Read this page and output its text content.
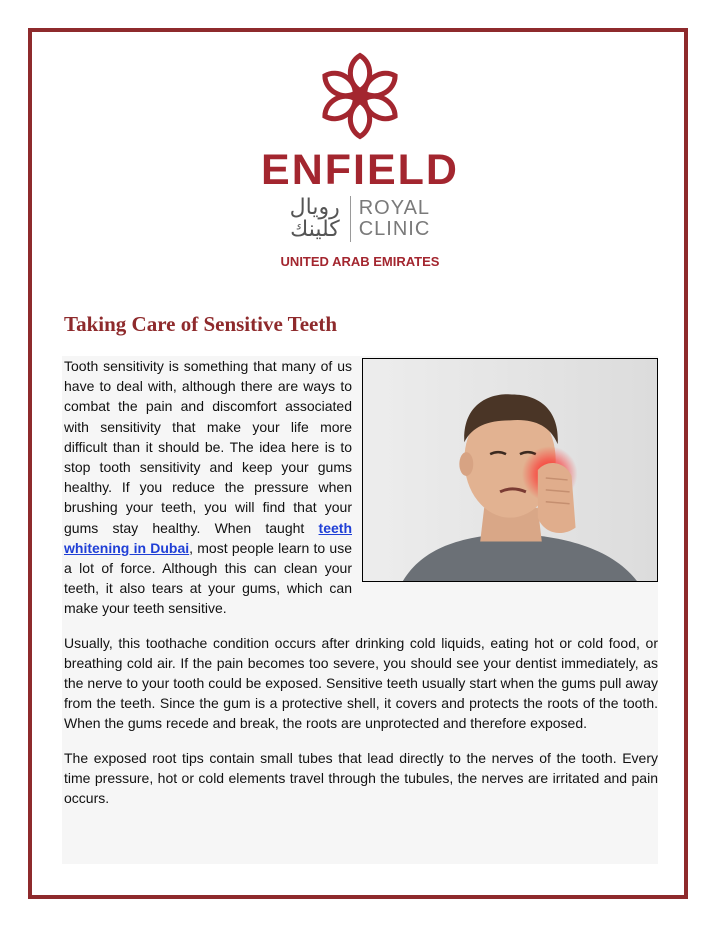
ENFIELD
رويال
كلينك
ROYAL
CLINIC
UNITED ARAB EMIRATES
Taking Care of Sensitive Teeth

Tooth sensitivity is something that many of us have to deal with, although there are ways to combat the pain and discomfort associated with sensitivity that make your life more difficult than it should be. The idea here is to stop tooth sensitivity and keep your gums healthy. If you reduce the pressure when brushing your teeth, you will find that your gums stay healthy. When taught teeth whitening in Dubai, most people learn to use a lot of force. Although this can clean your teeth, it also tears at your gums, which can make your teeth sensitive.

Usually, this toothache condition occurs after drinking cold liquids, eating hot or cold food, or breathing cold air. If the pain becomes too severe, you should see your dentist immediately, as the nerve to your tooth could be exposed. Sensitive teeth usually start when the gums pull away from the teeth. Since the gum is a protective shell, it covers and protects the roots of the tooth. When the gums recede and break, the roots are unprotected and therefore exposed.

The exposed root tips contain small tubes that lead directly to the nerves of the tooth. Every time pressure, hot or cold elements travel through the tubules, the nerves are irritated and pain occurs.
